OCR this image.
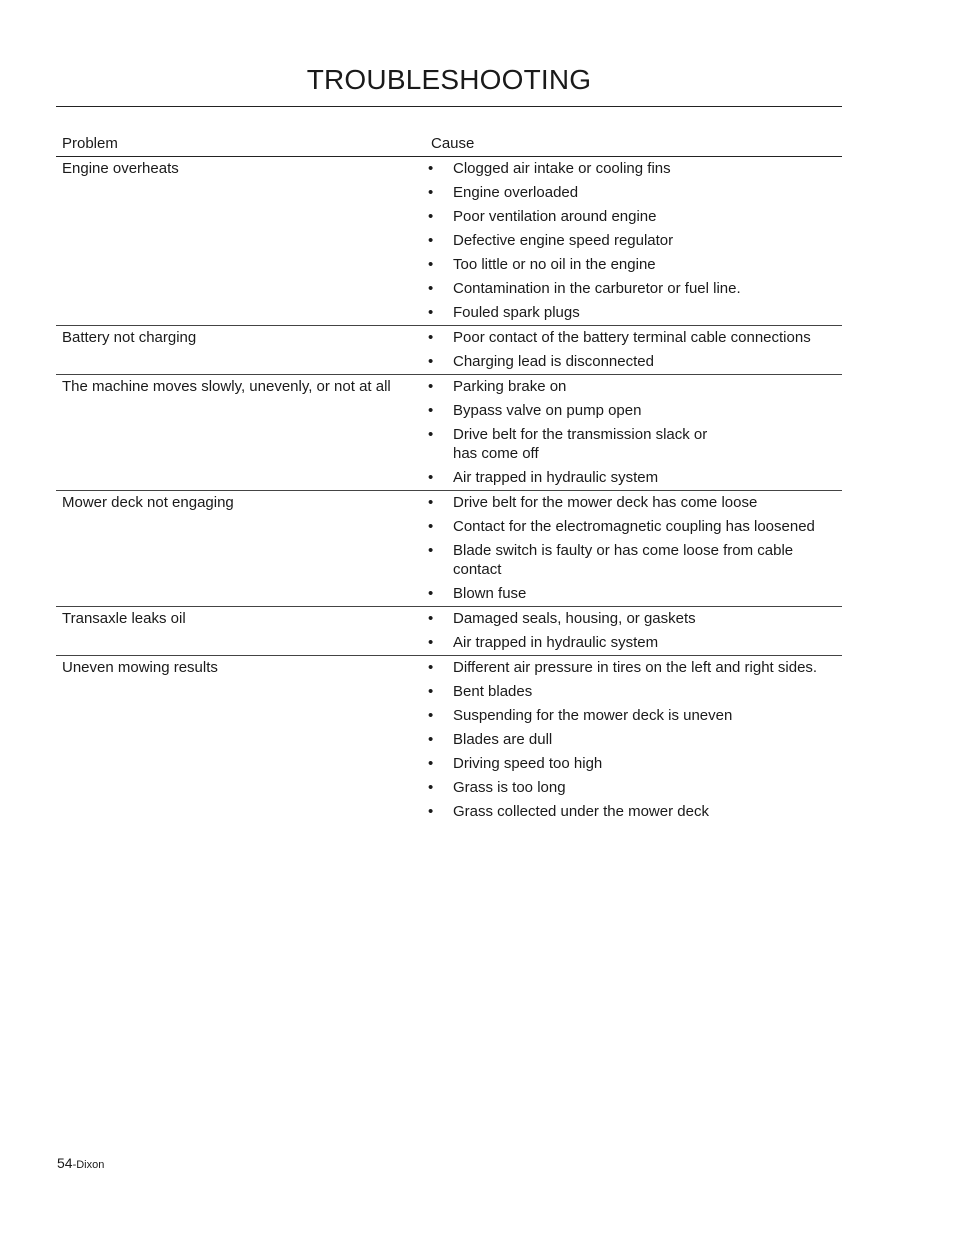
TROUBLESHOOTING
Problem	Cause
Engine overheats	•	Clogged air intake or cooling fins
•	Engine overloaded
•	Poor ventilation around engine
•	Defective engine speed regulator
•	Too little or no oil in the engine
•	Contamination in the carburetor or fuel line.
•	Fouled spark plugs
Battery not charging	•	Poor contact of the battery terminal cable connections
•	Charging lead is disconnected
The machine moves slowly, unevenly, or not at all	•	Parking brake on
•	Bypass valve on pump open
•	Drive belt for the transmission slack or
has come off
•	Air trapped in hydraulic system
Mower deck not engaging	•	Drive belt for the mower deck has come loose
•	Contact for the electromagnetic coupling has loosened
•	Blade switch is faulty or has come loose from cable contact
•	Blown fuse
Transaxle leaks oil	•	Damaged seals, housing, or gaskets
•	Air trapped in hydraulic system
Uneven mowing results	•	Different air pressure in tires on the left and right sides.
•	Bent blades
•	Suspending for the mower deck is uneven
•	Blades are dull
•	Driving speed too high
•	Grass is too long
•	Grass collected under the mower deck
54-Dixon
